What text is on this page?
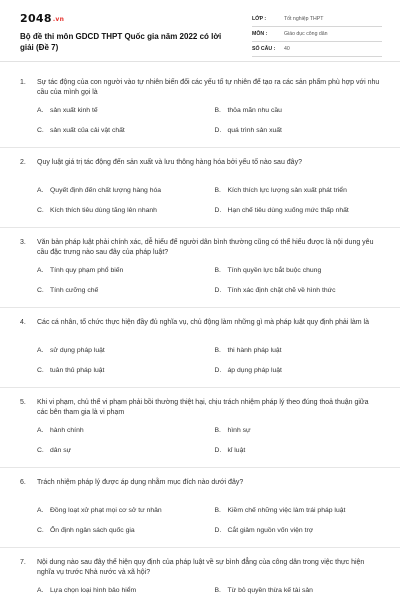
2048.vn
Bộ đề thi môn GDCD THPT Quốc gia năm 2022 có lời giải (Đề 7)
LỚP :	Tốt nghiệp THPT
MÔN :	Giáo dục công dân
SỐ CÂU :	40
1.	Sự tác động của con người vào tự nhiên biến đổi các yếu tố tự nhiên để tạo ra các sản phẩm phù hợp với nhu cầu của mình gọi là
A. sản xuất kinh tế	B. thỏa mãn nhu cầu
C. sản xuất của cải vật chất	D. quá trình sản xuất
2.	Quy luật giá trị tác động đến sản xuất và lưu thông hàng hóa bởi yếu tố nào sau đây?
A. Quyết định đến chất lượng hàng hóa	B. Kích thích lực lượng sản xuất phát triển
C. Kích thích tiêu dùng tăng lên nhanh	D. Hạn chế tiêu dùng xuống mức thấp nhất
3.	Văn bản pháp luật phải chính xác, dễ hiểu để người dân bình thường cũng có thể hiểu được là nội dung yêu cầu đặc trưng nào sau đây của pháp luật?
A. Tính quy phạm phổ biến	B. Tính quyền lực bắt buộc chung
C. Tính cưỡng chế	D. Tính xác định chặt chẽ về hình thức
4.	Các cá nhân, tổ chức thực hiện đầy đủ nghĩa vụ, chủ động làm những gì mà pháp luật quy định phải làm là
A. sử dụng pháp luật	B. thi hành pháp luật
C. tuân thủ pháp luật	D. áp dụng pháp luật
5.	Khi vi phạm, chủ thể vi phạm phải bồi thường thiệt hại, chịu trách nhiệm pháp lý theo đúng thoả thuận giữa các bên tham gia là vi phạm
A. hành chính	B. hình sự
C. dân sự	D. kỉ luật
6.	Trách nhiệm pháp lý được áp dụng nhằm mục đích nào dưới đây?
A. Đồng loạt xử phạt mọi cơ sở tư nhân	B. Kiềm chế những việc làm trái pháp luật
C. Ổn định ngân sách quốc gia	D. Cắt giảm nguồn vốn viện trợ
7.	Nội dung nào sau đây thể hiện quy định của pháp luật về sự bình đẳng của công dân trong việc thực hiện nghĩa vụ trước Nhà nước và xã hội?
A. Lựa chọn loại hình bảo hiểm	B. Từ bỏ quyền thừa kế tài sản
